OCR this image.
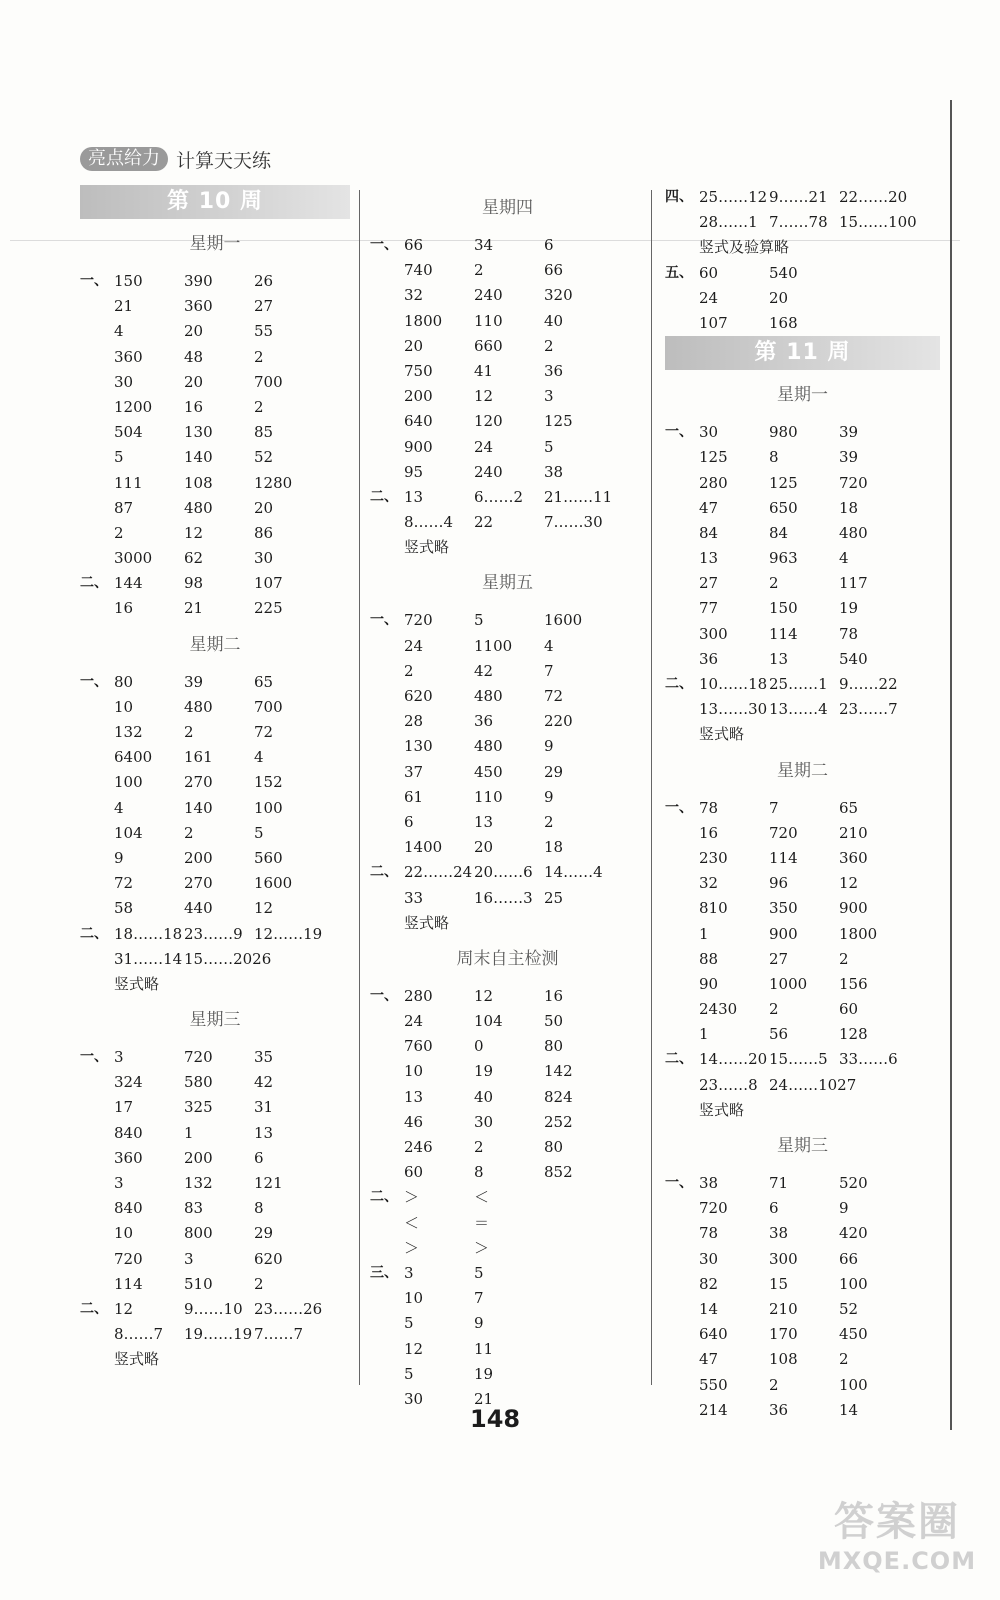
亮点给力 计算天天练
第 10 周
星期一
一、 150	390	26
21	360	27
4	20	55
360	48	2
30	20	700
1200	16	2
504	130	85
5	140	52
111	108	1280
87	480	20
2	12	86
3000	62	30
二、 144	98	107
16	21	225
星期二
一、 80	39	65
10	480	700
132	2	72
6400	161	4
100	270	152
4	140	100
104	2	5
9	200	560
72	270	1600
58	440	12
二、 18……18 23……9 12……19
31……14 15……2026
竖式略
星期三
一、 3	720	35
324	580	42
17	325	31
840	1	13
360	200	6
3	132	121
840	83	8
10	800	29
720	3	620
114	510	2
二、 12	9……10 23……26
8……7	19……19 7……7
竖式略
星期四
一、 66	34	6
740	2	66
32	240	320
1800	110	40
20	660	2
750	41	36
200	12	3
640	120	125
900	24	5
95	240	38
二、 13	6……2	21……11
8……4	22	7……30
竖式略
星期五
一、 720	5	1600
24	1100	4
2	42	7
620	480	72
28	36	220
130	480	9
37	450	29
61	110	9
6	13	2
1400	20	18
二、 22……24 20……6 14……4
33	16……3 25
竖式略
周末自主检测
一、 280	12	16
24	104	50
760	0	80
10	19	142
13	40	824
46	30	252
246	2	80
60	8	852
二、 ＞	＜
＜	＝
＞	＞
三、 3	5
10	7
5	9
12	11
5	19
30	21
四、 25……12 9……21 22……20
28……1 7……78 15……100
竖式及验算略
五、 60	540
24	20
107	168
第 11 周
星期一
一、 30	980	39
125	8	39
280	125	720
47	650	18
84	84	480
13	963	4
27	2	117
77	150	19
300	114	78
36	13	540
二、 10……18 25……1 9……22
13……30 13……4 23……7
竖式略
星期二
一、 78	7	65
16	720	210
230	114	360
32	96	12
810	350	900
1	900	1800
88	27	2
90	1000	156
2430	2	60
1	56	128
二、 14……20 15……5 33……6
23……8 24……1027
竖式略
星期三
一、 38	71	520
720	6	9
78	38	420
30	300	66
82	15	100
14	210	52
640	170	450
47	108	2
550	2	100
214	36	14
148
答案圈
MXQE.COM
